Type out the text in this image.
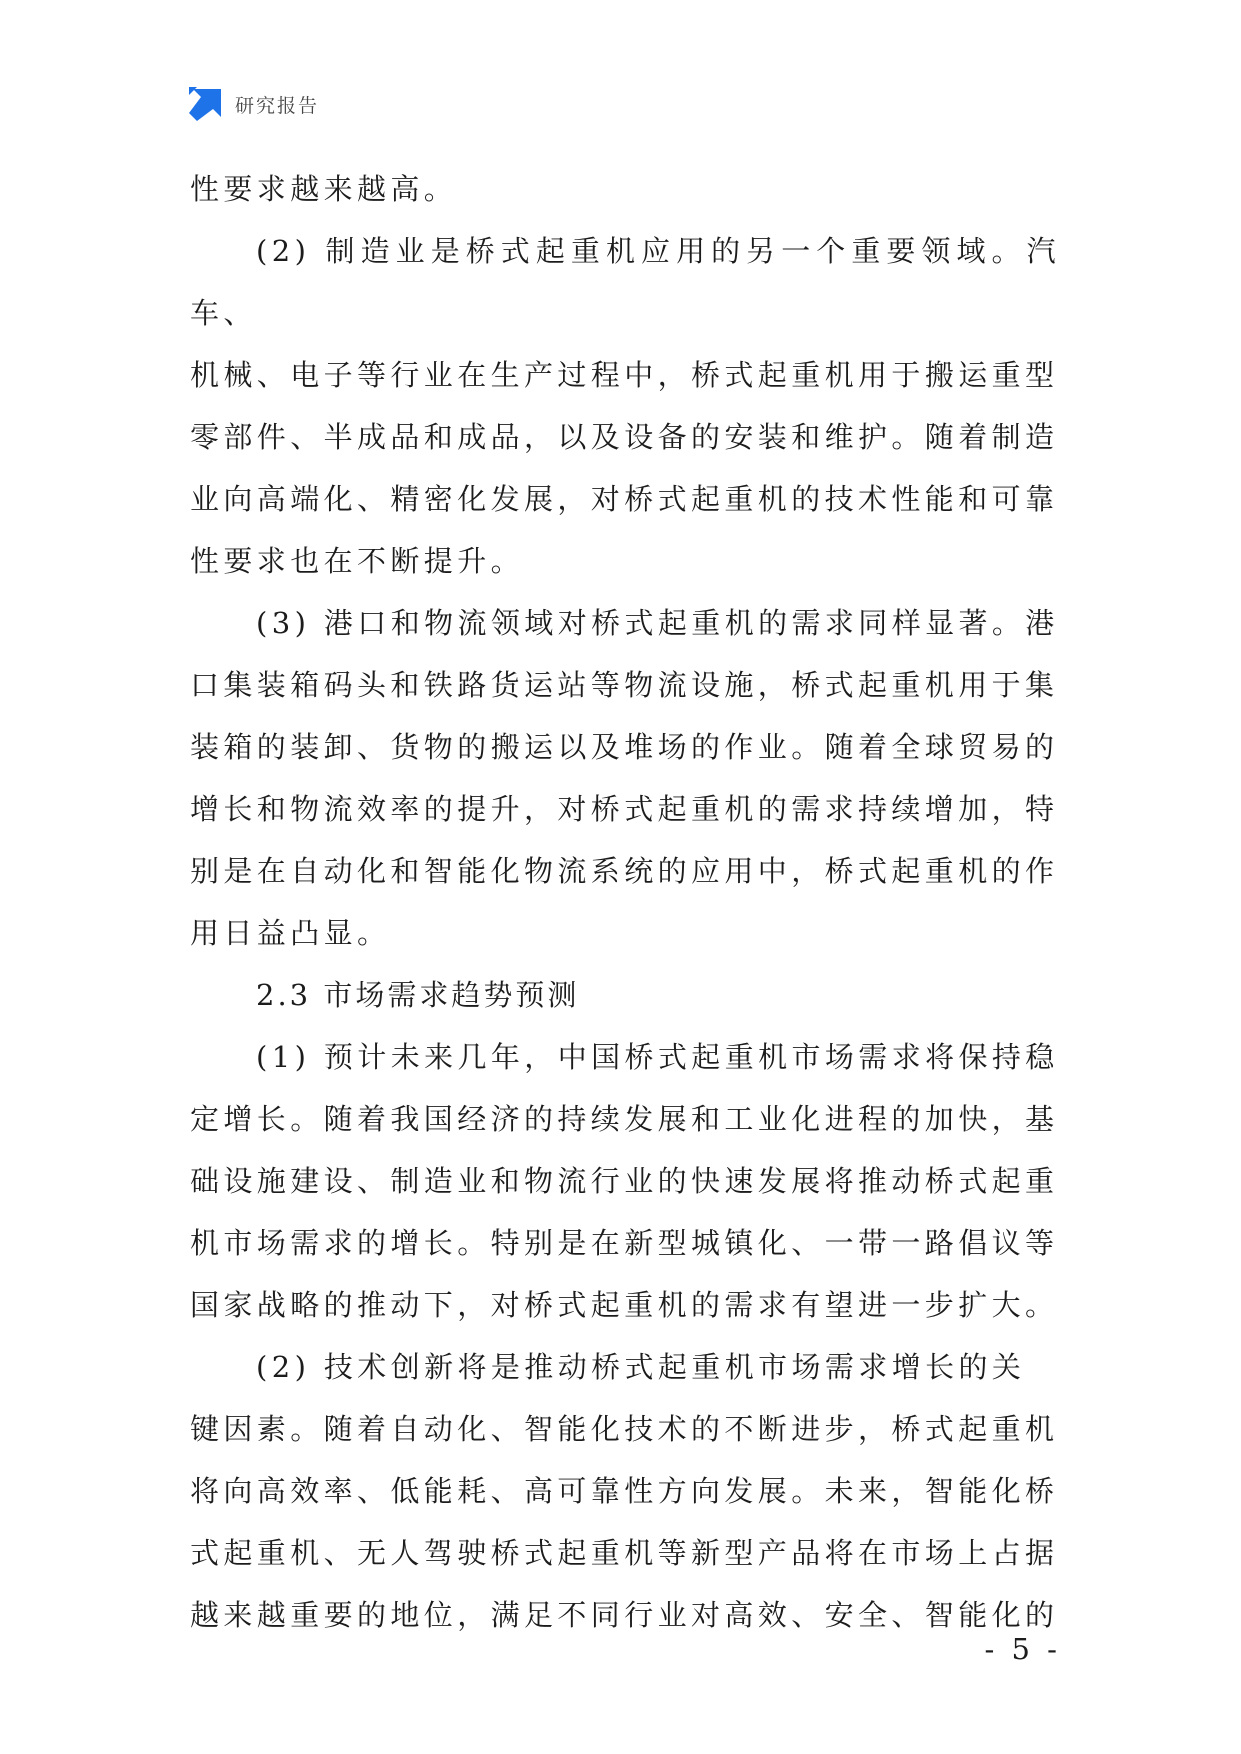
研究报告

性要求越来越高。

(2) 制造业是桥式起重机应用的另一个重要领域。汽车、
机械、电子等行业在生产过程中，桥式起重机用于搬运重型
零部件、半成品和成品，以及设备的安装和维护。随着制造
业向高端化、精密化发展，对桥式起重机的技术性能和可靠
性要求也在不断提升。

(3) 港口和物流领域对桥式起重机的需求同样显著。港
口集装箱码头和铁路货运站等物流设施，桥式起重机用于集
装箱的装卸、货物的搬运以及堆场的作业。随着全球贸易的
增长和物流效率的提升，对桥式起重机的需求持续增加，特
别是在自动化和智能化物流系统的应用中，桥式起重机的作
用日益凸显。

2.3 市场需求趋势预测

(1) 预计未来几年，中国桥式起重机市场需求将保持稳
定增长。随着我国经济的持续发展和工业化进程的加快，基
础设施建设、制造业和物流行业的快速发展将推动桥式起重
机市场需求的增长。特别是在新型城镇化、一带一路倡议等
国家战略的推动下，对桥式起重机的需求有望进一步扩大。

(2) 技术创新将是推动桥式起重机市场需求增长的关
键因素。随着自动化、智能化技术的不断进步，桥式起重机
将向高效率、低能耗、高可靠性方向发展。未来，智能化桥
式起重机、无人驾驶桥式起重机等新型产品将在市场上占据
越来越重要的地位，满足不同行业对高效、安全、智能化的

- 5 -
